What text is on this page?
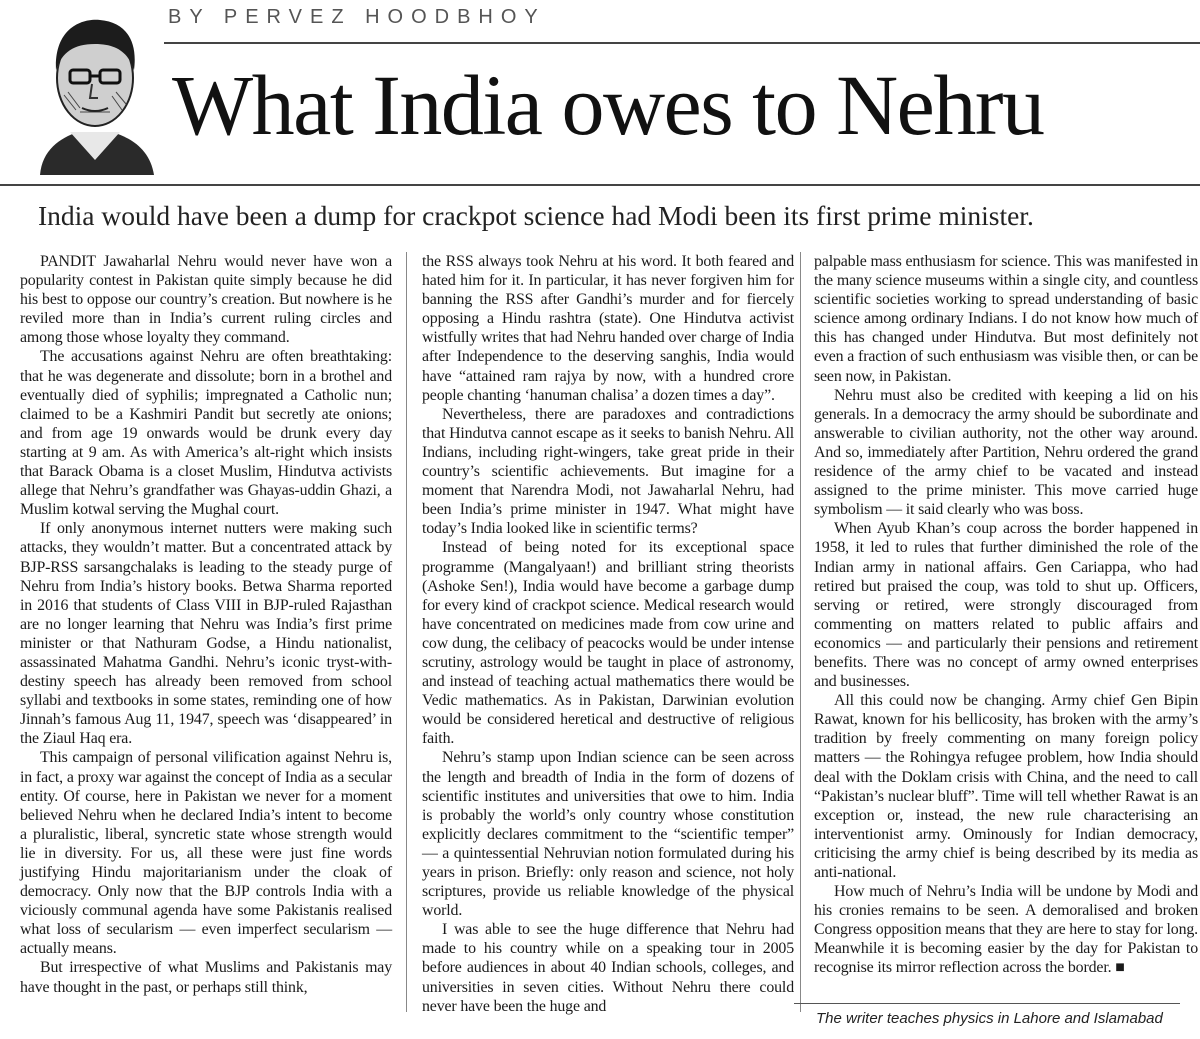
BY PERVEZ HOODBHOY
What India owes to Nehru
India would have been a dump for crackpot science had Modi been its first prime minister.

PANDIT Jawaharlal Nehru would never have won a popularity contest in Pakistan quite simply because he did his best to oppose our country’s creation. But nowhere is he reviled more than in India’s current ruling circles and among those whose loyalty they command.

The accusations against Nehru are often breathtaking: that he was degenerate and dissolute; born in a brothel and eventually died of syphilis; impregnated a Catholic nun; claimed to be a Kashmiri Pandit but secretly ate onions; and from age 19 onwards would be drunk every day starting at 9 am. As with America’s alt-right which insists that Barack Obama is a closet Muslim, Hindutva activists allege that Nehru’s grandfather was Ghayas-uddin Ghazi, a Muslim kotwal serving the Mughal court.

If only anonymous internet nutters were making such attacks, they wouldn’t matter. But a concentrated attack by BJP-RSS sarsangchalaks is leading to the steady purge of Nehru from India’s history books. Betwa Sharma reported in 2016 that students of Class VIII in BJP-ruled Rajasthan are no longer learning that Nehru was India’s first prime minister or that Nathuram Godse, a Hindu nationalist, assassinated Mahatma Gandhi. Nehru’s iconic tryst-with-destiny speech has already been removed from school syllabi and textbooks in some states, reminding one of how Jinnah’s famous Aug 11, 1947, speech was ‘disappeared’ in the Ziaul Haq era.

This campaign of personal vilification against Nehru is, in fact, a proxy war against the concept of India as a secular entity. Of course, here in Pakistan we never for a moment believed Nehru when he declared India’s intent to become a pluralistic, liberal, syncretic state whose strength would lie in diversity. For us, all these were just fine words justifying Hindu majoritarianism under the cloak of democracy. Only now that the BJP controls India with a viciously communal agenda have some Pakistanis realised what loss of secularism — even imperfect secularism — actually means.

But irrespective of what Muslims and Pakistanis may have thought in the past, or perhaps still think,

the RSS always took Nehru at his word. It both feared and hated him for it. In particular, it has never forgiven him for banning the RSS after Gandhi’s murder and for fiercely opposing a Hindu rashtra (state). One Hindutva activist wistfully writes that had Nehru handed over charge of India after Independence to the deserving sanghis, India would have “attained ram rajya by now, with a hundred crore people chanting ‘hanuman chalisa’ a dozen times a day”.

Nevertheless, there are paradoxes and contradictions that Hindutva cannot escape as it seeks to banish Nehru. All Indians, including right-wingers, take great pride in their country’s scientific achievements. But imagine for a moment that Narendra Modi, not Jawaharlal Nehru, had been India’s prime minister in 1947. What might have today’s India looked like in scientific terms?

Instead of being noted for its exceptional space programme (Mangalyaan!) and brilliant string theorists (Ashoke Sen!), India would have become a garbage dump for every kind of crackpot science. Medical research would have concentrated on medicines made from cow urine and cow dung, the celibacy of peacocks would be under intense scrutiny, astrology would be taught in place of astronomy, and instead of teaching actual mathematics there would be Vedic mathematics. As in Pakistan, Darwinian evolution would be considered heretical and destructive of religious faith.

Nehru’s stamp upon Indian science can be seen across the length and breadth of India in the form of dozens of scientific institutes and universities that owe to him. India is probably the world’s only country whose constitution explicitly declares commitment to the “scientific temper” — a quintessential Nehruvian notion formulated during his years in prison. Briefly: only reason and science, not holy scriptures, provide us reliable knowledge of the physical world.

I was able to see the huge difference that Nehru had made to his country while on a speaking tour in 2005 before audiences in about 40 Indian schools, colleges, and universities in seven cities. Without Nehru there could never have been the huge and

palpable mass enthusiasm for science. This was manifested in the many science museums within a single city, and countless scientific societies working to spread understanding of basic science among ordinary Indians. I do not know how much of this has changed under Hindutva. But most definitely not even a fraction of such enthusiasm was visible then, or can be seen now, in Pakistan.

Nehru must also be credited with keeping a lid on his generals. In a democracy the army should be subordinate and answerable to civilian authority, not the other way around. And so, immediately after Partition, Nehru ordered the grand residence of the army chief to be vacated and instead assigned to the prime minister. This move carried huge symbolism — it said clearly who was boss.

When Ayub Khan’s coup across the border happened in 1958, it led to rules that further diminished the role of the Indian army in national affairs. Gen Cariappa, who had retired but praised the coup, was told to shut up. Officers, serving or retired, were strongly discouraged from commenting on matters related to public affairs and economics — and particularly their pensions and retirement benefits. There was no concept of army owned enterprises and businesses.

All this could now be changing. Army chief Gen Bipin Rawat, known for his bellicosity, has broken with the army’s tradition by freely commenting on many foreign policy matters — the Rohingya refugee problem, how India should deal with the Doklam crisis with China, and the need to call “Pakistan’s nuclear bluff”. Time will tell whether Rawat is an exception or, instead, the new rule characterising an interventionist army. Ominously for Indian democracy, criticising the army chief is being described by its media as anti-national.

How much of Nehru’s India will be undone by Modi and his cronies remains to be seen. A demoralised and broken Congress opposition means that they are here to stay for long. Meanwhile it is becoming easier by the day for Pakistan to recognise its mirror reflection across the border. ■

The writer teaches physics in Lahore and Islamabad
